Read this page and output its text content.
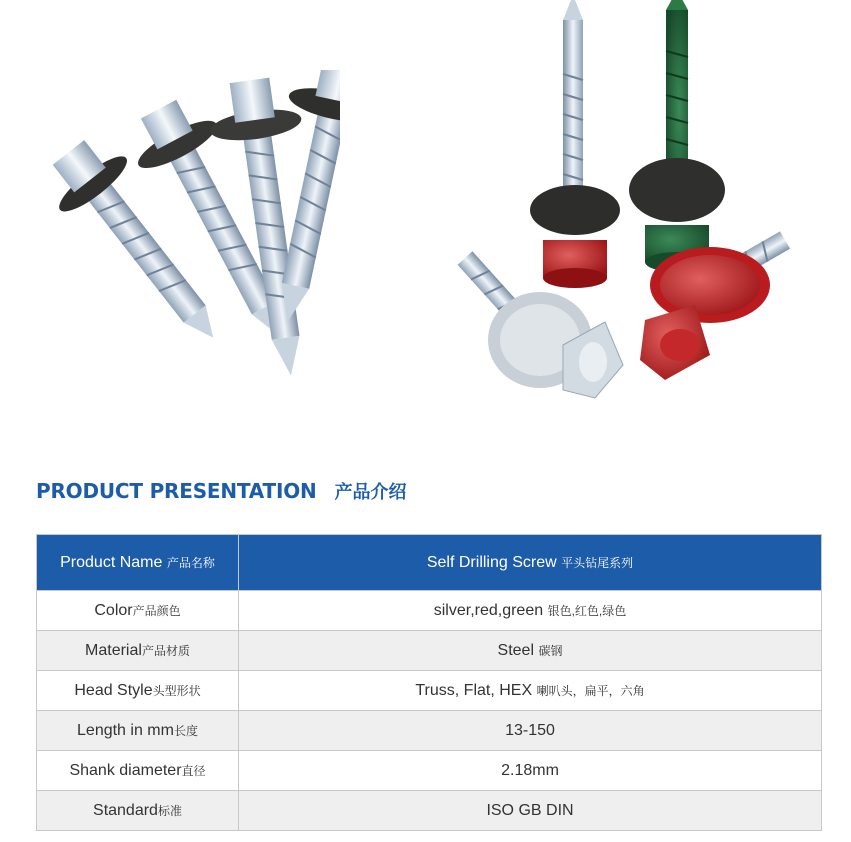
PRODUCT PRESENTATION 产品介绍
Product Name 产品名称	Self Drilling Screw 平头钻尾系列
Color产品颜色	silver,red,green 银色,红色,绿色
Material产品材质	Steel 碳钢
Head Style头型形状	Truss, Flat, HEX 喇叭头，扁平，六角
Length in mm长度	13-150
Shank diameter直径	2.18mm
Standard标准	ISO GB DIN
